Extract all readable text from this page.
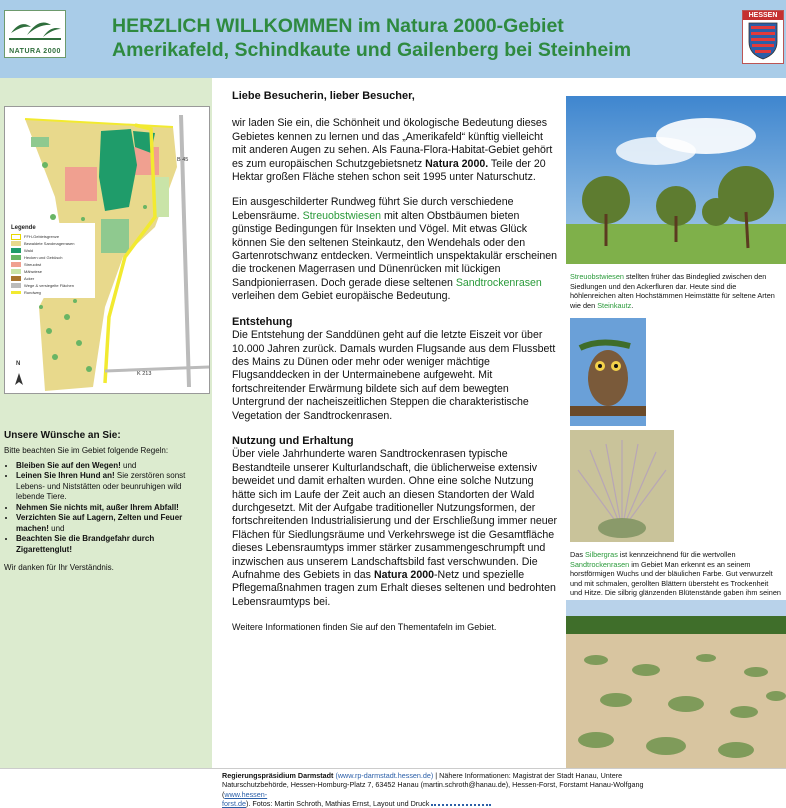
NATURA 2000
HERZLICH WILLKOMMEN im Natura 2000-Gebiet
Amerikafeld, Schindkaute und Gailenberg bei Steinheim
HESSEN
B 45
K 213
N
Legende
FFH-Gebietsgrenze
Bewaldete Sandmagerrasen
Wald
Hecken und Gebüsch
Streuobst
Mähwiese
Acker
Wege & versiegelte Flächen
Rundweg
Unsere Wünsche an Sie:
Bitte beachten Sie im Gebiet folgende Regeln:
• Bleiben Sie auf den Wegen! und
• Leinen Sie Ihren Hund an! Sie zerstören sonst Lebens- und Niststätten oder beunruhigen wild lebende Tiere.
• Nehmen Sie nichts mit, außer Ihrem Abfall!
• Verzichten Sie auf Lagern, Zelten und Feuer machen! und
• Beachten Sie die Brandgefahr durch Zigarettenglut!
Wir danken für Ihr Verständnis.

Liebe Besucherin, lieber Besucher,

wir laden Sie ein, die Schönheit und ökologische Bedeutung dieses Gebietes kennen zu lernen und das „Amerikafeld“ künftig vielleicht mit anderen Augen zu sehen. Als Fauna-Flora-Habitat-Gebiet gehört es zum europäischen Schutzgebietsnetz Natura 2000. Teile der 20 Hektar großen Fläche stehen schon seit 1995 unter Naturschutz.

Ein ausgeschilderter Rundweg führt Sie durch verschiedene Lebensräume. Streuobstwiesen mit alten Obstbäumen bieten günstige Bedingungen für Insekten und Vögel. Mit etwas Glück können Sie den seltenen Steinkautz, den Wendehals oder den Gartenrotschwanz entdecken. Vermeintlich unspektakulär erscheinen die trockenen Magerrasen und Dünenrücken mit lückigen Sandpionierrasen. Doch gerade diese seltenen Sandtrockenrasen verleihen dem Gebiet europäische Bedeutung.

Entstehung

Die Entstehung der Sanddünen geht auf die letzte Eiszeit vor über 10.000 Jahren zurück. Damals wurden Flugsande aus dem Flussbett des Mains zu Dünen oder mehr oder weniger mächtige Flugsanddecken in der Untermainebene aufgeweht. Mit fortschreitender Erwärmung bildete sich auf dem bewegten Untergrund der nacheiszeitlichen Steppen die charakteristische Vegetation der Sandtrockenrasen.

Nutzung und Erhaltung

Über viele Jahrhunderte waren Sandtrockenrasen typische Bestandteile unserer Kulturlandschaft, die üblicherweise extensiv beweidet und damit erhalten wurden. Ohne eine solche Nutzung hätte sich im Laufe der Zeit auch an diesen Standorten der Wald durchgesetzt. Mit der Aufgabe traditioneller Nutzungsformen, der fortschreitenden Industrialisierung und der Erschließung immer neuer Flächen für Siedlungsräume und Verkehrswege ist die Gesamtfläche dieses Lebensraumtyps immer stärker zusammengeschrumpft und inzwischen aus unserem Landschaftsbild fast verschwunden. Die Aufnahme des Gebiets in das Natura 2000-Netz und spezielle Pflegemaßnahmen tragen zum Erhalt dieses seltenen und bedrohten Lebensraumtyps bei.

Weitere Informationen finden Sie auf den Thementafeln im Gebiet.

Streuobstwiesen stellten früher das Bindeglied zwischen den Siedlungen und den Ackerfluren dar. Heute sind die höhlenreichen alten Hochstämmen Heimstätte für seltene Arten wie den Steinkautz.
Das Silbergras ist kennzeichnend für die wertvollen Sandtrockenrasen im Gebiet Man erkennt es an seinem horstförmigen Wuchs und der bläulichen Farbe. Gut verwurzelt und mit schmalen, gerollten Blättern übersteht es Trockenheit und Hitze. Die silbrig glänzenden Blütenstände gaben ihm seinen
Regierungspräsidium Darmstadt (www.rp-darmstadt.hessen.de) | Nähere Informationen: Magistrat der Stadt Hanau, Untere
Naturschutzbehörde, Hessen-Homburg-Platz 7, 63452 Hanau (martin.schroth@hanau.de), Hessen-Forst, Forstamt Hanau-Wolfgang (www.hessen-
forst.de). Fotos: Martin Schroth, Mathias Ernst, Layout und Druck
